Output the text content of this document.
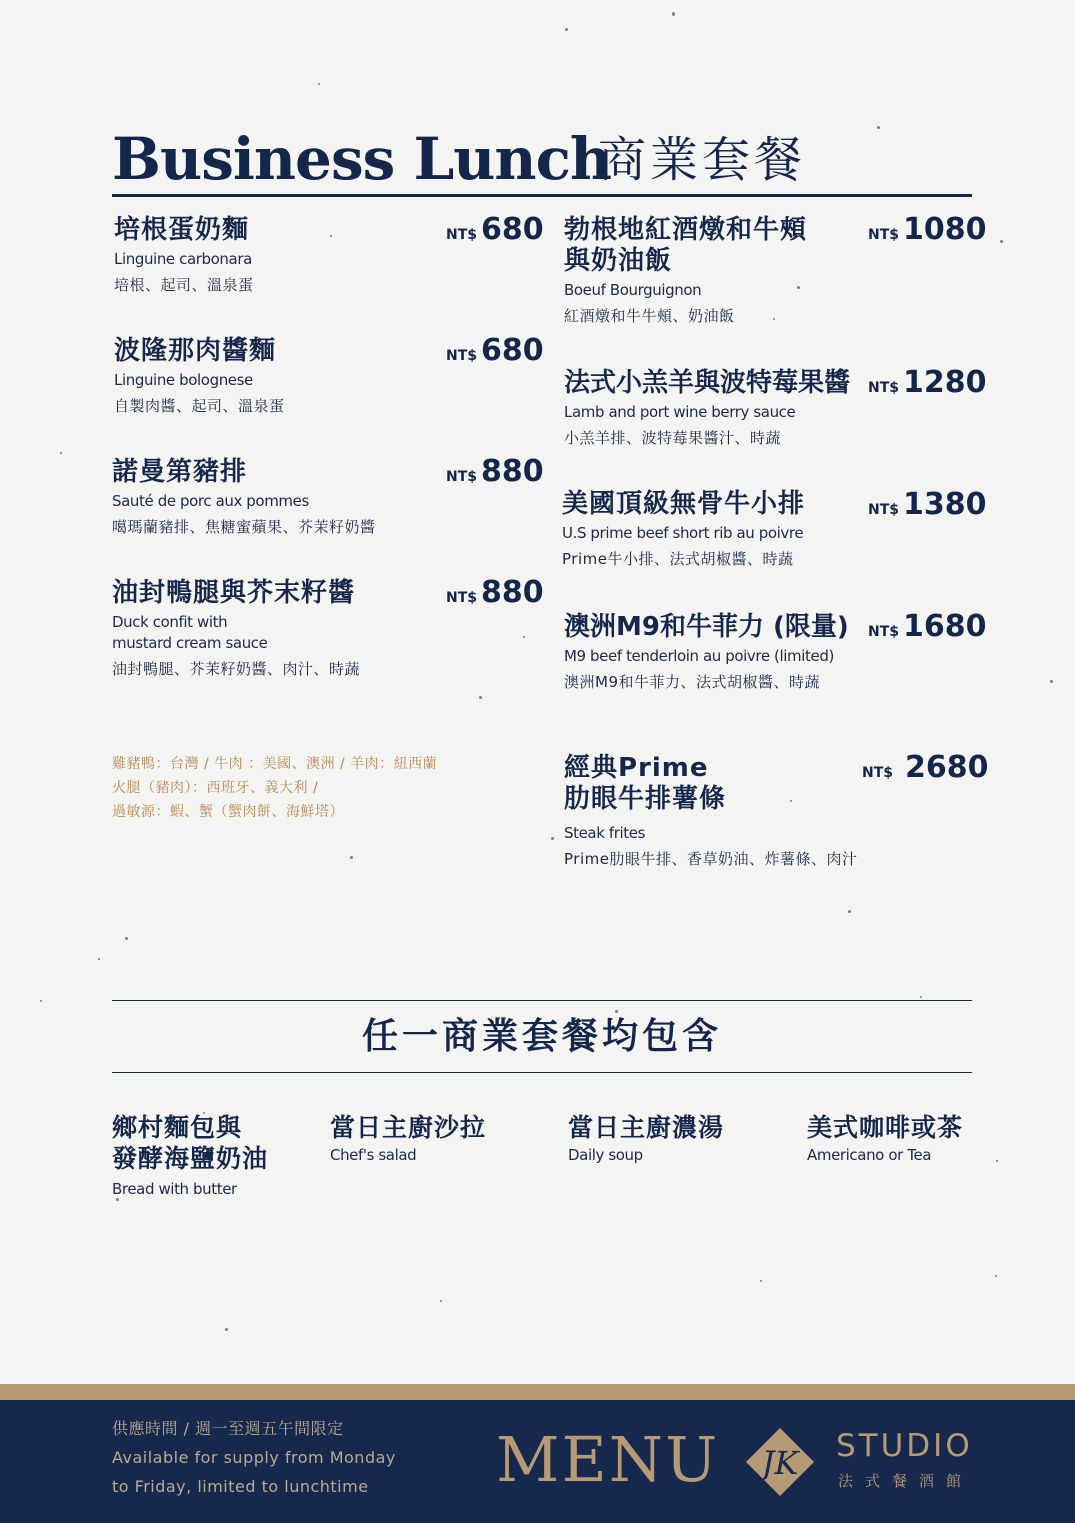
Business Lunch
商業套餐
培根蛋奶麵
Linguine carbonara
培根、起司、溫泉蛋
NT$ 680
波隆那肉醬麵
Linguine bolognese
自製肉醬、起司、溫泉蛋
NT$ 680
諾曼第豬排
Sauté de porc aux pommes
噶瑪蘭豬排、焦糖蜜蘋果、芥茉籽奶醬
NT$ 880
油封鴨腿與芥末籽醬
Duck confit with
mustard cream sauce
油封鴨腿、芥茉籽奶醬、肉汁、時蔬
NT$ 880
雞豬鴨：台灣 / 牛肉 ：美國、澳洲 / 羊肉：紐西蘭
火腿（豬肉）：西班牙、義大利 /
過敏源：蝦、蟹（蟹肉餅、海鮮塔）
勃根地紅酒燉和牛頰
與奶油飯
Boeuf Bourguignon
紅酒燉和牛牛頰、奶油飯
NT$ 1080
法式小羔羊與波特莓果醬
Lamb and port wine berry sauce
小羔羊排、波特莓果醬汁、時蔬
NT$ 1280
美國頂級無骨牛小排
U.S prime beef short rib au poivre
Prime牛小排、法式胡椒醬、時蔬
NT$ 1380
澳洲M9和牛菲力 (限量)
M9 beef tenderloin au poivre (limited)
澳洲M9和牛菲力、法式胡椒醬、時蔬
NT$ 1680
經典Prime
肋眼牛排薯條
Steak frites
Prime肋眼牛排、香草奶油、炸薯條、肉汁
NT$ 2680
任一商業套餐均包含
鄉村麵包與
發酵海鹽奶油
Bread with butter
當日主廚沙拉
Chef's salad
當日主廚濃湯
Daily soup
美式咖啡或茶
Americano or Tea
供應時間 / 週一至週五午間限定
Available for supply from Monday
to Friday, limited to lunchtime	MENU JK STUDIO
法式餐酒館
